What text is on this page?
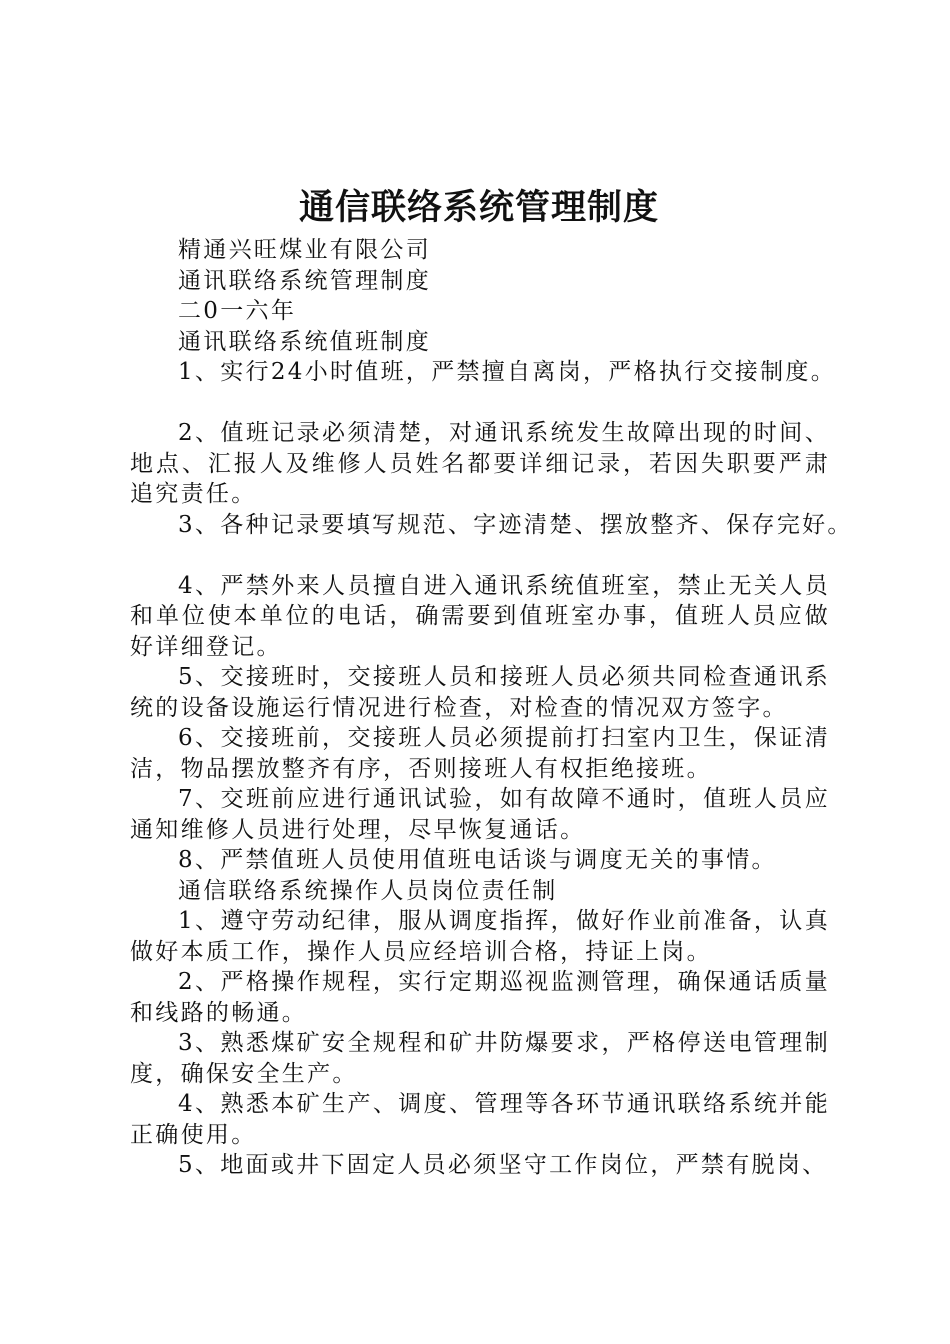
通信联络系统管理制度

精通兴旺煤业有限公司

通讯联络系统管理制度

二0一六年

通讯联络系统值班制度

1、实行24小时值班，严禁擅自离岗，严格执行交接制度。

2、值班记录必须清楚，对通讯系统发生故障出现的时间、地点、汇报人及维修人员姓名都要详细记录，若因失职要严肃追究责任。

3、各种记录要填写规范、字迹清楚、摆放整齐、保存完好。

4、严禁外来人员擅自进入通讯系统值班室，禁止无关人员和单位使本单位的电话，确需要到值班室办事，值班人员应做好详细登记。

5、交接班时，交接班人员和接班人员必须共同检查通讯系统的设备设施运行情况进行检查，对检查的情况双方签字。

6、交接班前，交接班人员必须提前打扫室内卫生，保证清洁，物品摆放整齐有序，否则接班人有权拒绝接班。

7、交班前应进行通讯试验，如有故障不通时，值班人员应通知维修人员进行处理，尽早恢复通话。

8、严禁值班人员使用值班电话谈与调度无关的事情。

通信联络系统操作人员岗位责任制

1、遵守劳动纪律，服从调度指挥，做好作业前准备，认真做好本质工作，操作人员应经培训合格，持证上岗。

2、严格操作规程，实行定期巡视监测管理，确保通话质量和线路的畅通。

3、熟悉煤矿安全规程和矿井防爆要求，严格停送电管理制度，确保安全生产。

4、熟悉本矿生产、调度、管理等各环节通讯联络系统并能正确使用。

5、地面或井下固定人员必须坚守工作岗位，严禁有脱岗、
